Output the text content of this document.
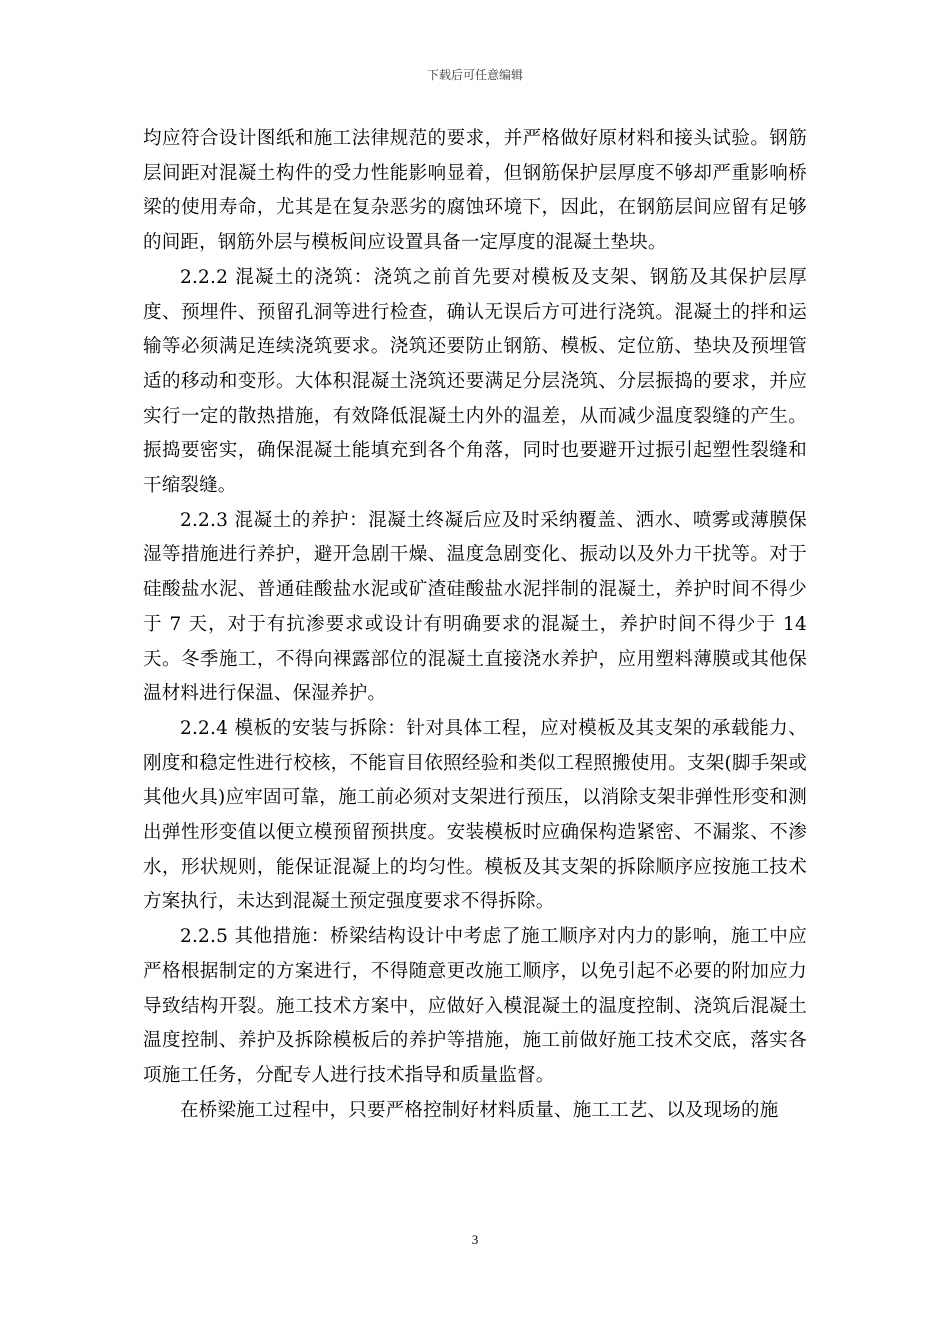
下载后可任意编辑

均应符合设计图纸和施工法律规范的要求，并严格做好原材料和接头试验。钢筋层间距对混凝土构件的受力性能影响显着，但钢筋保护层厚度不够却严重影响桥梁的使用寿命，尤其是在复杂恶劣的腐蚀环境下，因此，在钢筋层间应留有足够的间距，钢筋外层与模板间应设置具备一定厚度的混凝土垫块。

2.2.2 混凝土的浇筑：浇筑之前首先要对模板及支架、钢筋及其保护层厚度、预埋件、预留孔洞等进行检查，确认无误后方可进行浇筑。混凝土的拌和运输等必须满足连续浇筑要求。浇筑还要防止钢筋、模板、定位筋、垫块及预埋管适的移动和变形。大体积混凝土浇筑还要满足分层浇筑、分层振捣的要求，并应实行一定的散热措施，有效降低混凝土内外的温差，从而减少温度裂缝的产生。振捣要密实，确保混凝土能填充到各个角落，同时也要避开过振引起塑性裂缝和干缩裂缝。

2.2.3 混凝土的养护：混凝土终凝后应及时采纳覆盖、洒水、喷雾或薄膜保湿等措施进行养护，避开急剧干燥、温度急剧变化、振动以及外力干扰等。对于硅酸盐水泥、普通硅酸盐水泥或矿渣硅酸盐水泥拌制的混凝土，养护时间不得少于 7 天，对于有抗渗要求或设计有明确要求的混凝土，养护时间不得少于 14 天。冬季施工，不得向裸露部位的混凝土直接浇水养护，应用塑料薄膜或其他保温材料进行保温、保湿养护。

2.2.4 模板的安装与拆除：针对具体工程，应对模板及其支架的承载能力、刚度和稳定性进行校核，不能盲目依照经验和类似工程照搬使用。支架(脚手架或其他火具)应牢固可靠，施工前必须对支架进行预压，以消除支架非弹性形变和测出弹性形变值以便立模预留预拱度。安装模板时应确保构造紧密、不漏浆、不渗水，形状规则，能保证混凝上的均匀性。模板及其支架的拆除顺序应按施工技术方案执行，未达到混凝土预定强度要求不得拆除。

2.2.5 其他措施：桥梁结构设计中考虑了施工顺序对内力的影响，施工中应严格根据制定的方案进行，不得随意更改施工顺序，以免引起不必要的附加应力导致结构开裂。施工技术方案中，应做好入模混凝土的温度控制、浇筑后混凝土温度控制、养护及拆除模板后的养护等措施，施工前做好施工技术交底，落实各项施工任务，分配专人进行技术指导和质量监督。

在桥梁施工过程中，只要严格控制好材料质量、施工工艺、以及现场的施

3
